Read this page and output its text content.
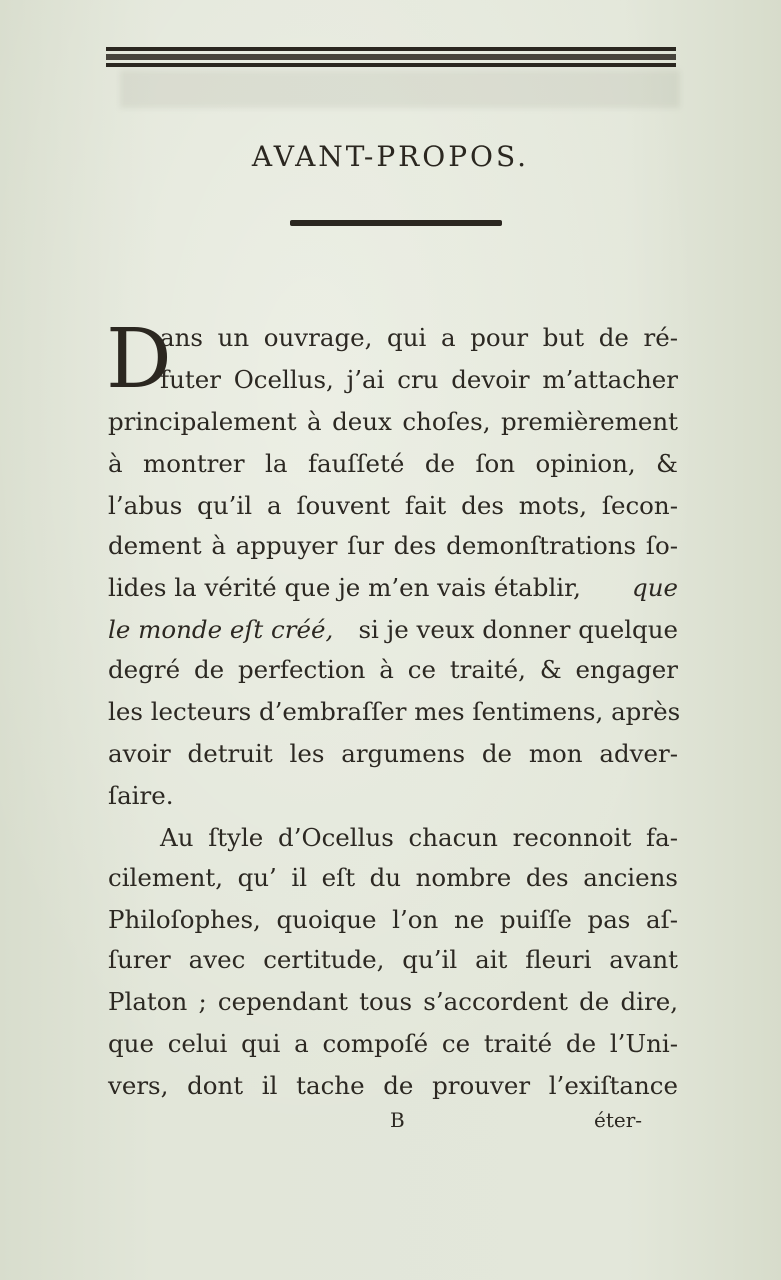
AVANT-PROPOS.
D
ans un ouvrage, qui a pour but de ré-
futer Ocellus, j’ai cru devoir m’attacher
principalement à deux choſes, premièrement
à montrer la fauſſeté de ſon opinion, &
l’abus qu’il a ſouvent fait des mots, ſecon-
dement à appuyer ſur des demonſtrations ſo-
lides la vérité que je m’en vais établir, que
le monde eſt créé, si je veux donner quelque
degré de perfection à ce traité, & engager
les lecteurs d’embraſſer mes ſentimens, après
avoir detruit les argumens de mon adver-
ſaire.
Au ſtyle d’Ocellus chacun reconnoit fa-
cilement, qu’ il eſt du nombre des anciens
Philoſophes, quoique l’on ne puiſſe pas aſ-
ſurer avec certitude, qu’il ait fleuri avant
Platon ; cependant tous s’accordent de dire,
que celui qui a compoſé ce traité de l’Uni-
vers, dont il tache de prouver l’exiſtance
B	éter-
